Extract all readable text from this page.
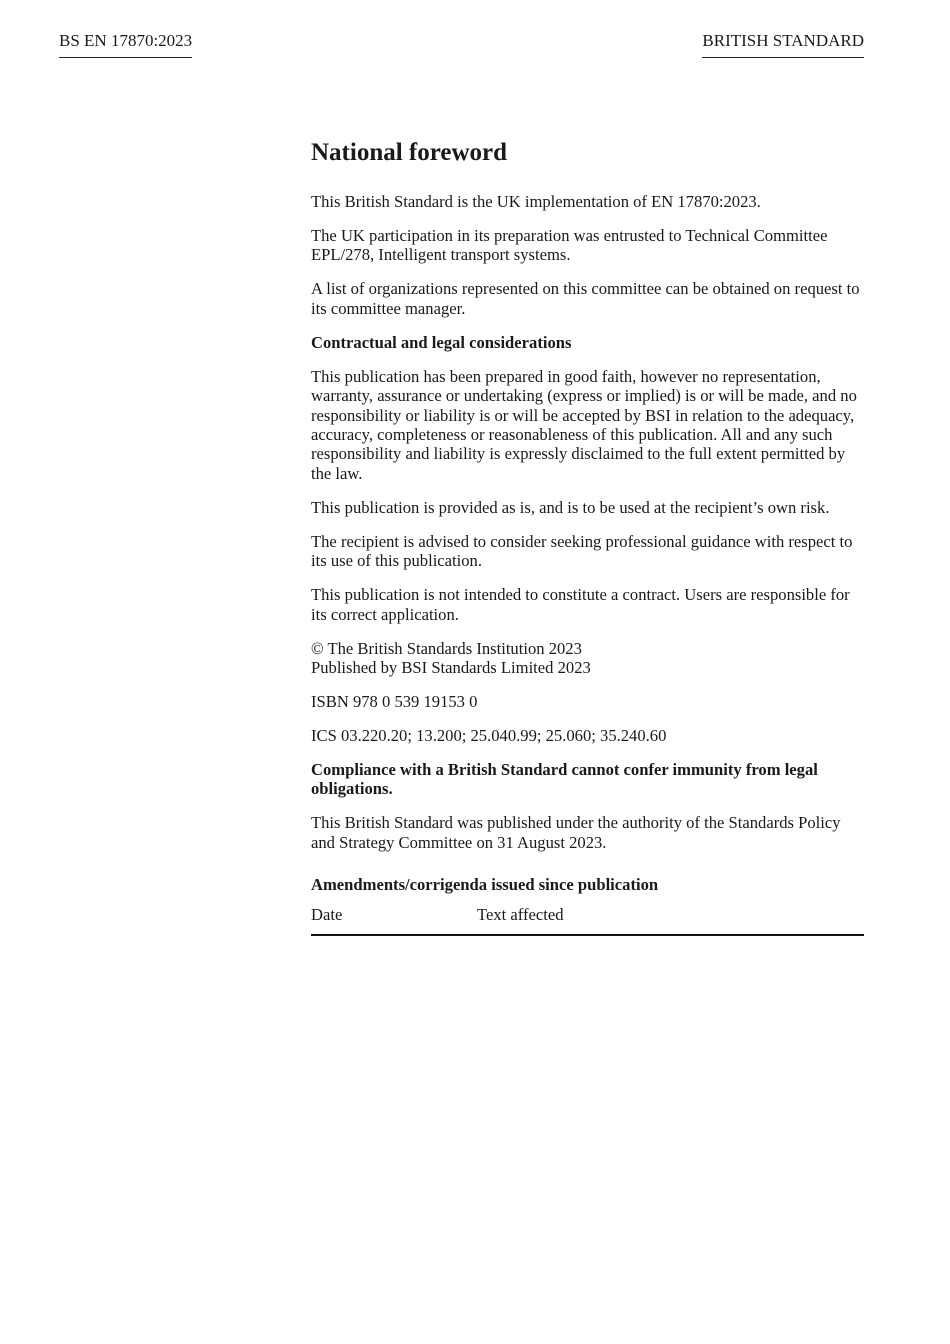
BS EN 17870:2023	BRITISH STANDARD
National foreword

This British Standard is the UK implementation of EN 17870:2023.

The UK participation in its preparation was entrusted to Technical Committee EPL/278, Intelligent transport systems.

A list of organizations represented on this committee can be obtained on request to its committee manager.

Contractual and legal considerations

This publication has been prepared in good faith, however no representation, warranty, assurance or undertaking (express or implied) is or will be made, and no responsibility or liability is or will be accepted by BSI in relation to the adequacy, accuracy, completeness or reasonableness of this publication. All and any such responsibility and liability is expressly disclaimed to the full extent permitted by the law.

This publication is provided as is, and is to be used at the recipient’s own risk.

The recipient is advised to consider seeking professional guidance with respect to its use of this publication.

This publication is not intended to constitute a contract. Users are responsible for its correct application.

© The British Standards Institution 2023
Published by BSI Standards Limited 2023

ISBN 978 0 539 19153 0

ICS 03.220.20; 13.200; 25.040.99; 25.060; 35.240.60

Compliance with a British Standard cannot confer immunity from legal obligations.

This British Standard was published under the authority of the Standards Policy and Strategy Committee on 31 August 2023.

Amendments/corrigenda issued since publication
Date	Text affected
